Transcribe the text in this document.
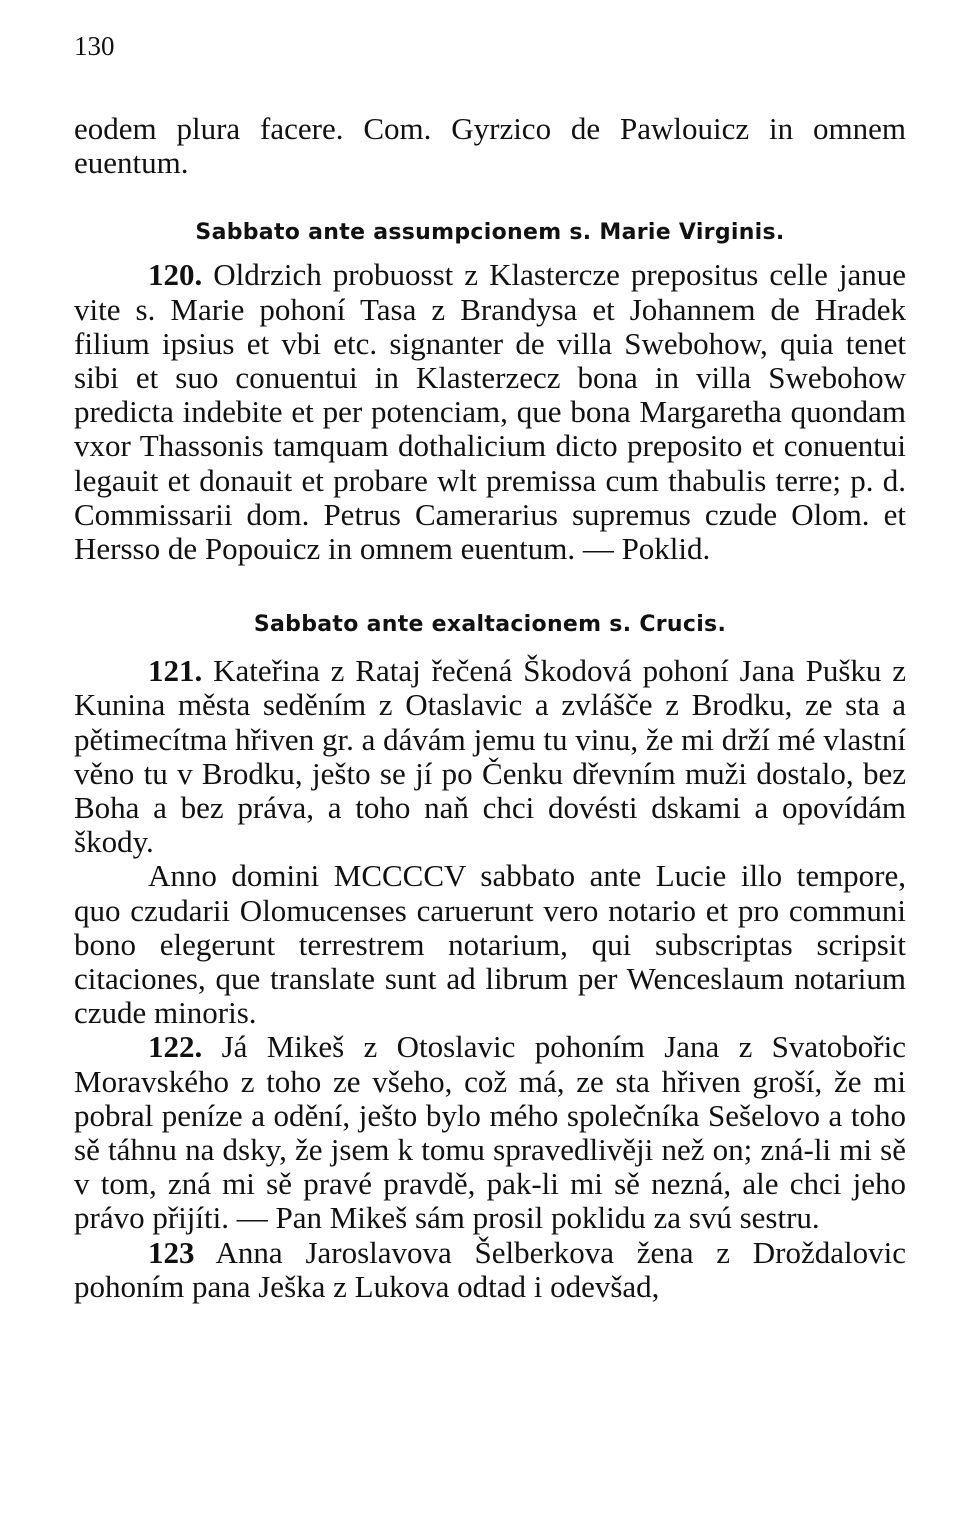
130

eodem plura facere. Com. Gyrzico de Pawlouicz in omnem euentum.

Sabbato ante assumpcionem s. Marie Virginis.

120. Oldrzich probuosst z Klastercze prepositus celle janue vite s. Marie pohoní Tasa z Brandysa et Johannem de Hradek filium ipsius et vbi etc. signanter de villa Swebohow, quia tenet sibi et suo conuentui in Klasterzecz bona in villa Swebohow predicta indebite et per potenciam, que bona Margaretha quondam vxor Thassonis tamquam dothalicium dicto preposito et conuentui legauit et donauit et probare wlt premissa cum thabulis terre; p. d. Commissarii dom. Petrus Camerarius supremus czude Olom. et Hersso de Popouicz in omnem euentum. — Poklid.

Sabbato ante exaltacionem s. Crucis.

121. Kateřina z Rataj řečená Škodová pohoní Jana Pušku z Kunina města seděním z Otaslavic a zvlášče z Brodku, ze sta a pětimecítma hřiven gr. a dávám jemu tu vinu, že mi drží mé vlastní věno tu v Brodku, ješto se jí po Čenku dřevním muži dostalo, bez Boha a bez práva, a toho naň chci dovésti dskami a opovídám škody.

Anno domini MCCCCV sabbato ante Lucie illo tempore, quo czudarii Olomucenses caruerunt vero notario et pro communi bono elegerunt terrestrem notarium, qui subscriptas scripsit citaciones, que translate sunt ad librum per Wenceslaum notarium czude minoris.

122. Já Mikeš z Otoslavic pohoním Jana z Svatobořic Moravského z toho ze všeho, což má, ze sta hřiven groší, že mi pobral peníze a odění, ješto bylo mého společníka Sešelovo a toho sě táhnu na dsky, že jsem k tomu spravedlivěji než on; zná-li mi sě v tom, zná mi sě pravé pravdě, pak-li mi sě nezná, ale chci jeho právo přijíti. — Pan Mikeš sám prosil poklidu za svú sestru.

123 Anna Jaroslavova Šelberkova žena z Droždalovic pohoním pana Ješka z Lukova odtad i odevšad,
